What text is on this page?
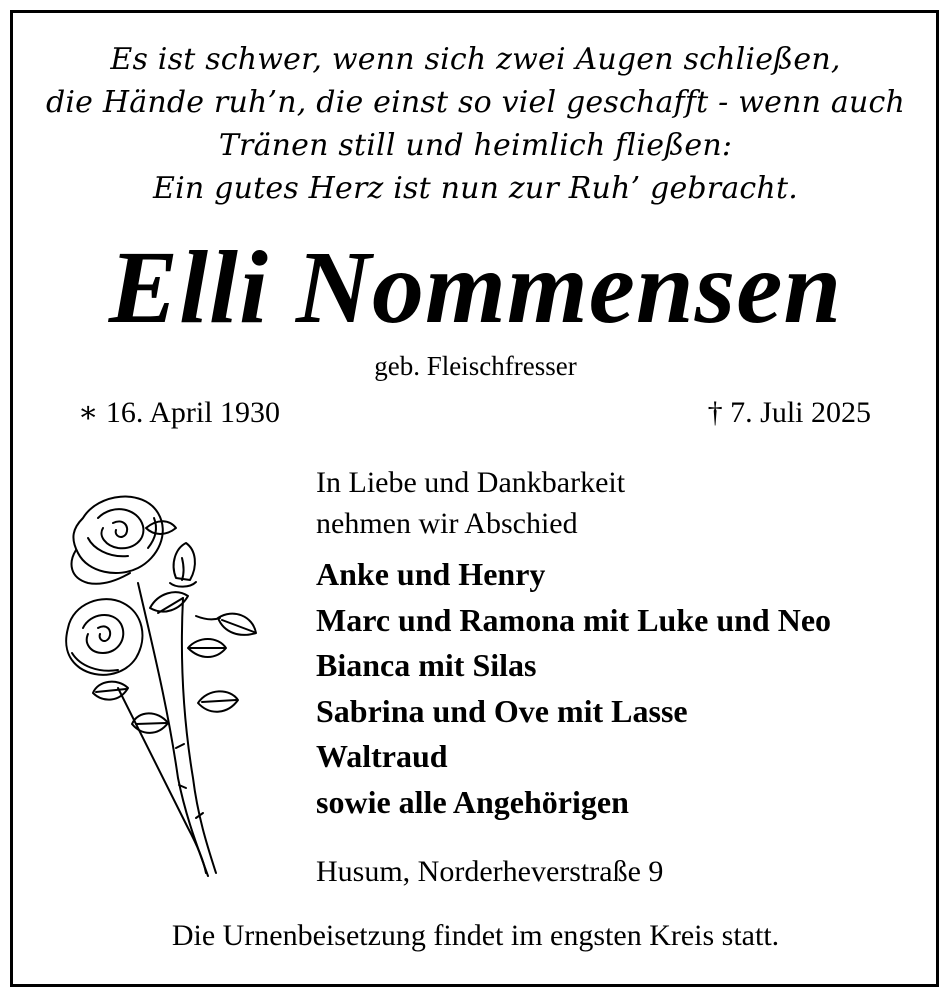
Es ist schwer, wenn sich zwei Augen schließen,
die Hände ruh’n, die einst so viel geschafft - wenn auch
Tränen still und heimlich fließen:
Ein gutes Herz ist nun zur Ruh’ gebracht.
Elli Nommensen
geb. Fleischfresser
∗ 16. April 1930	† 7. Juli 2025
In Liebe und Dankbarkeit
nehmen wir Abschied
Anke und Henry
Marc und Ramona mit Luke und Neo
Bianca mit Silas
Sabrina und Ove mit Lasse
Waltraud
sowie alle Angehörigen
Husum, Norderheverstraße 9
Die Urnenbeisetzung findet im engsten Kreis statt.
